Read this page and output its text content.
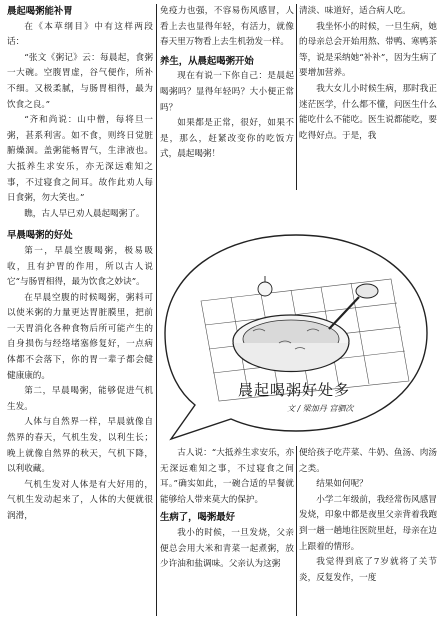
晨起喝粥能补胃

在《本草纲目》中有这样两段话：

“张文《粥记》云：每晨起，食粥一大碗。空腹胃虚，谷气便作，所补不细。又极柔腻，与肠胃相得，最为饮食之良。”

“齐和尚说：山中僧，每将旦一粥，甚系利害。如不食，则终日觉脏腑燥涸。盖粥能畅胃气，生津液也。大抵养生求安乐，亦无深远难知之事，不过寝食之间耳。故作此劝人每日食粥，勿大笑也。”

瞧，古人早已劝人晨起喝粥了。

早晨喝粥的好处

第一，早晨空腹喝粥，极易吸收，且有护胃的作用，所以古人说它“与肠胃相得，最为饮食之妙诀”。

在早晨空腹的时候喝粥，粥料可以使米粥的力量更达胃脏膜里，把前一天胃消化各种食物后所可能产生的自身损伤与经络堵塞修复好，一点病体都不会落下，你的胃一辈子都会健健康康的。

第二，早晨喝粥，能够促进气机生发。

人体与自然界一样，早晨就像自然界的春天，气机生发，以利生长；晚上就像自然界的秋天，气机下降，以利收藏。

气机生发对人体是有大好用的，气机生发动起来了，人体的大便就很润滑，

免疫力也强，不容易伤风感冒，人看上去也显得年轻，有活力，就像春天里万物看上去生机勃发一样。

养生，从晨起喝粥开始

现在有说一下你自己：是晨起喝粥吗？显得年轻吗？大小便正常吗？

如果都是正常，很好，如果不是，那么，赶紧改变你的吃饭方式，晨起喝粥！

清淡、味道好，适合病人吃。

我坐怀小的时候，一旦生病，她的母亲总会开始用熬、带鸭、寒鸭茶等，说是采纳她“补补”，因为生病了要增加营养。

我大女儿小时候生病，那时我正迷茫医学，什么都不懂，问医生什么能吃什么不能吃。医生说都能吃，要吃得好点。于是，我

晨起喝粥好处多
文 / 梁加丹 宫驷次

古人说：“大抵养生求安乐，亦无深远难知之事，不过寝食之间耳。”确实如此，一碗合适的早餐就能够给人带来莫大的保护。

生病了，喝粥最好

我小的时候，一旦发烧，父亲便总会用大米和青菜一起煮粥，放少许油和盐调味。父亲认为这粥

便给孩子吃芹菜、牛奶、鱼汤、肉汤之类。

结果如何呢？

小学二年级前，我经常伤风感冒发烧，印象中都是夜里父亲背着我跑到一趟一趟地往医院里赶，母亲在边上跟着的情形。

我觉得到底了7岁就将了关节炎，反复发作，一度
